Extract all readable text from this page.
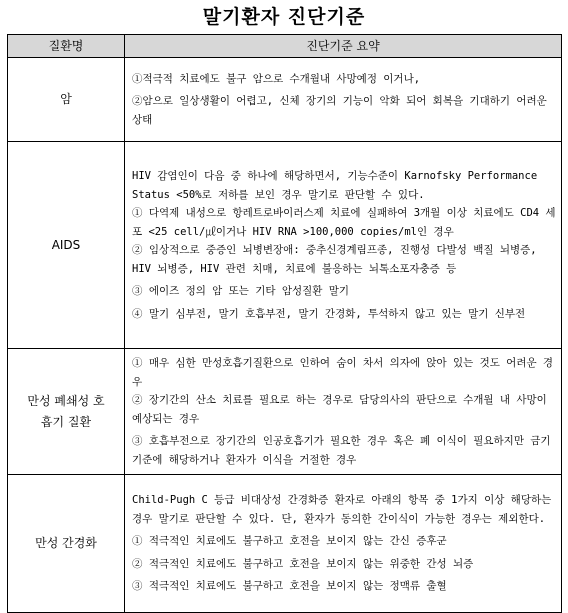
말기환자 진단기준
질환명	진단기준 요약
암	①적극적 치료에도 불구 암으로 수개월내 사망예정 이거나,
②암으로 일상생활이 어렵고, 신체 장기의 기능이 악화 되어 회복을 기대하기 어려운 상태

AIDS	HIV 감염인이 다음 중 하나에 해당하면서, 기능수준이 Karnofsky Performance Status <50%로 저하를 보인 경우 말기로 판단할 수 있다.
① 다역제 내성으로 항레트로바이러스제 치료에 실패하여 3개월 이상 치료에도 CD4 세포 <25 cell/㎕이거나 HIV RNA >100,000 copies/ml인 경우
② 임상적으로 중증인 뇌병변장애: 중추신경계림프종, 진행성 다발성 백질 뇌병증, HIV 뇌병증, HIV 관련 치매, 치료에 불응하는 뇌톡소포자충증 등
③ 에이즈 정의 암 또는 기타 암성질환 말기
④ 말기 심부전, 말기 호흡부전, 말기 간경화, 투석하지 않고 있는 말기 신부전

만성 폐쇄성 호흡기 질환	① 매우 심한 만성호흡기질환으로 인하여 숨이 차서 의자에 앉아 있는 것도 어려운 경우
② 장기간의 산소 치료를 필요로 하는 경우로 담당의사의 판단으로 수개월 내 사망이 예상되는 경우
③ 호흡부전으로 장기간의 인공호흡기가 필요한 경우 혹은 폐 이식이 필요하지만 금기기준에 해당하거나 환자가 이식을 거절한 경우

만성 간경화	Child-Pugh C 등급 비대상성 간경화증 환자로 아래의 항목 중 1가지 이상 해당하는 경우 말기로 판단할 수 있다. 단, 환자가 동의한 간이식이 가능한 경우는 제외한다.
① 적극적인 치료에도 불구하고 호전을 보이지 않는 간신 증후군
② 적극적인 치료에도 불구하고 호전을 보이지 않는 위중한 간성 뇌증
③ 적극적인 치료에도 불구하고 호전을 보이지 않는 정맥류 출혈
